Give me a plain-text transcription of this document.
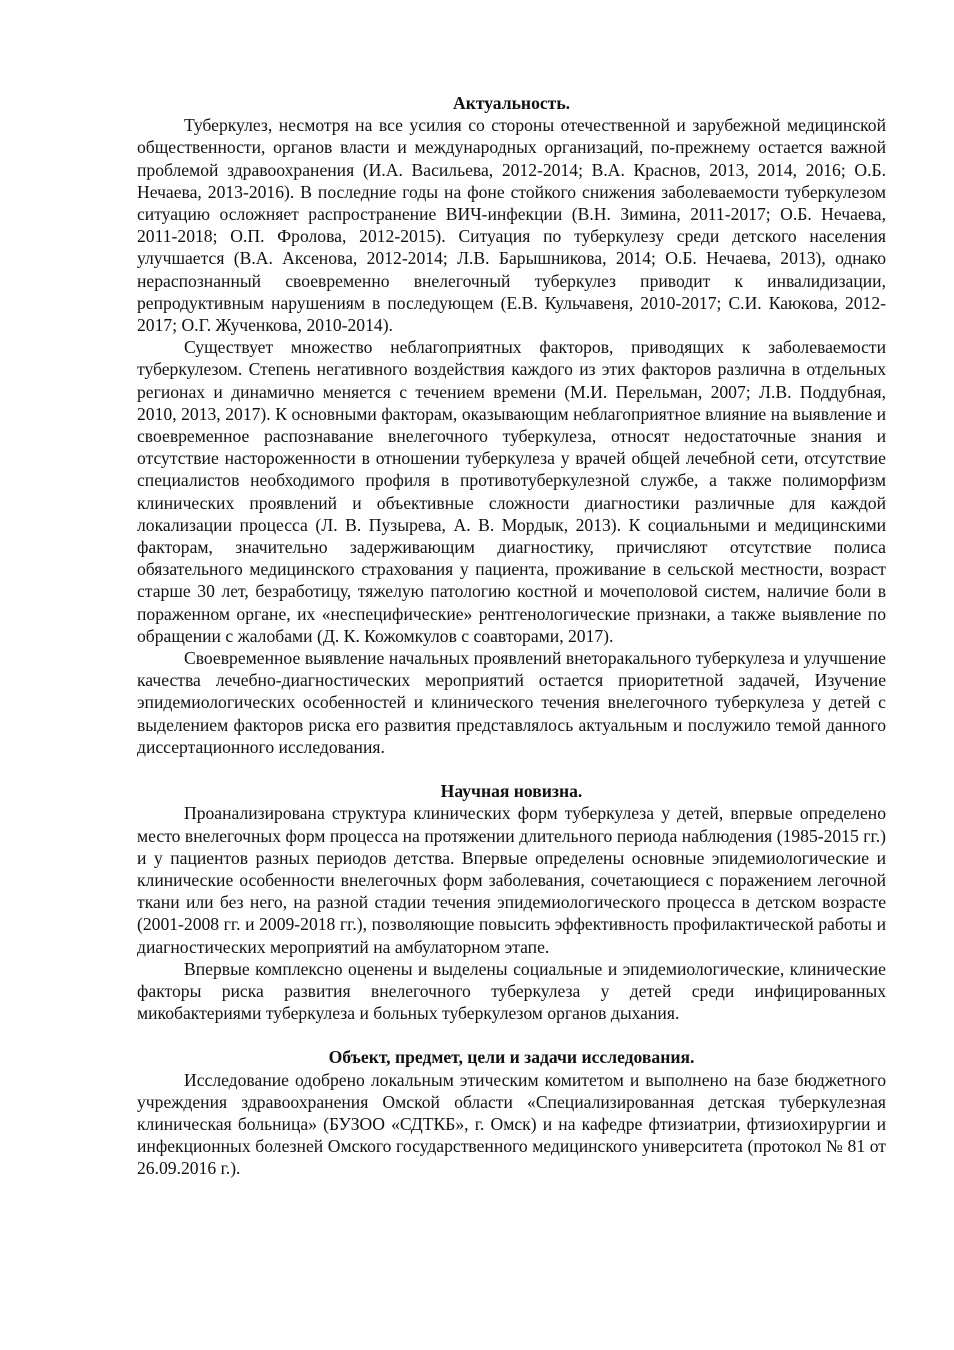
Актуальность.

Туберкулез, несмотря на все усилия со стороны отечественной и зарубежной медицинской общественности, органов власти и международных организаций, по-прежнему остается важной проблемой здравоохранения (И.А. Васильева, 2012-2014; В.А. Краснов, 2013, 2014, 2016; О.Б. Нечаева, 2013-2016). В последние годы на фоне стойкого снижения заболеваемости туберкулезом ситуацию осложняет распространение ВИЧ-инфекции (В.Н. Зимина, 2011-2017; О.Б. Нечаева, 2011-2018; О.П. Фролова, 2012-2015). Ситуация по туберкулезу среди детского населения улучшается (В.А. Аксенова, 2012-2014; Л.В. Барышникова, 2014; О.Б. Нечаева, 2013), однако нераспознанный своевременно внелегочный туберкулез приводит к инвалидизации, репродуктивным нарушениям в последующем (Е.В. Кульчавеня, 2010-2017; С.И. Каюкова, 2012-2017; О.Г. Жученкова, 2010-2014).

Существует множество неблагоприятных факторов, приводящих к заболеваемости туберкулезом. Степень негативного воздействия каждого из этих факторов различна в отдельных регионах и динамично меняется с течением времени (М.И. Перельман, 2007; Л.В. Поддубная, 2010, 2013, 2017). К основными факторам, оказывающим неблагоприятное влияние на выявление и своевременное распознавание внелегочного туберкулеза, относят недостаточные знания и отсутствие настороженности в отношении туберкулеза у врачей общей лечебной сети, отсутствие специалистов необходимого профиля в противотуберкулезной службе, а также полиморфизм клинических проявлений и объективные сложности диагностики различные для каждой локализации процесса (Л. В. Пузырева, А. В. Мордык, 2013). К социальными и медицинскими факторам, значительно задерживающим диагностику, причисляют отсутствие полиса обязательного медицинского страхования у пациента, проживание в сельской местности, возраст старше 30 лет, безработицу, тяжелую патологию костной и мочеполовой систем, наличие боли в пораженном органе, их «неспецифические» рентгенологические признаки, а также выявление по обращении с жалобами (Д. К. Кожомкулов с соавторами, 2017).

Своевременное выявление начальных проявлений внеторакального туберкулеза и улучшение качества лечебно-диагностических мероприятий остается приоритетной задачей, Изучение эпидемиологических особенностей и клинического течения внелегочного туберкулеза у детей с выделением факторов риска его развития представлялось актуальным и послужило темой данного диссертационного исследования.

Научная новизна.

Проанализирована структура клинических форм туберкулеза у детей, впервые определено место внелегочных форм процесса на протяжении длительного периода наблюдения (1985-2015 гг.) и у пациентов разных периодов детства. Впервые определены основные эпидемиологические и клинические особенности внелегочных форм заболевания, сочетающиеся с поражением легочной ткани или без него, на разной стадии течения эпидемиологического процесса в детском возрасте (2001-2008 гг. и 2009-2018 гг.), позволяющие повысить эффективность профилактической работы и диагностических мероприятий на амбулаторном этапе.

Впервые комплексно оценены и выделены социальные и эпидемиологические, клинические факторы риска развития внелегочного туберкулеза у детей среди инфицированных микобактериями туберкулеза и больных туберкулезом органов дыхания.

Объект, предмет, цели и задачи исследования.

Исследование одобрено локальным этическим комитетом и выполнено на базе бюджетного учреждения здравоохранения Омской области «Специализированная детская туберкулезная клиническая больница» (БУЗОО «СДТКБ», г. Омск) и на кафедре фтизиатрии, фтизиохирургии и инфекционных болезней Омского государственного медицинского университета (протокол № 81 от 26.09.2016 г.).
